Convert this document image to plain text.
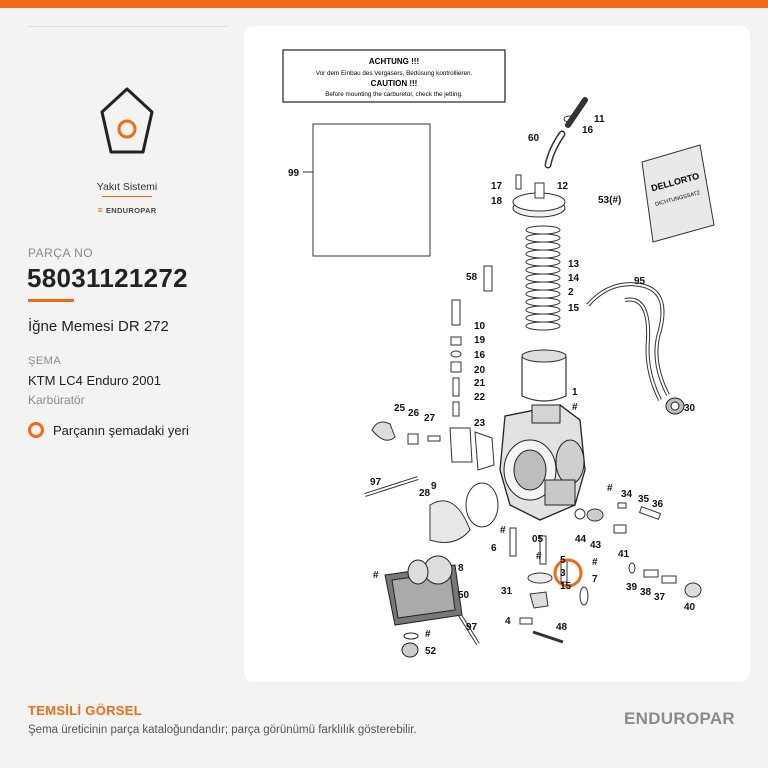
Yakıt Sistemi
≡ ENDUROPAR
PARÇA NO
58031121272
İğne Memesi DR 272
ŞEMA
KTM LC4 Enduro 2001
Karbüratör
Parçanın şemadaki yeri
ACHTUNG !!!
Vor dem Einbau des Vergasers, Bedüsung kontrollieren.
CAUTION !!!
Before mounting the carburetor, check the jetting.
DELLORTO
DICHTUNGSSATZ
11
16
60
12
17
18	53(#)
99
13
14
2
15
58	95
10
19
16
20
21
22	1
#	30
25 26 27	23
97	9
28	34 35 36
#
#
05	44
6	43
41
# 5
3
7
15
#
39 38 37
40
8
#
50	31
4
48
97
#
52
TEMSİLİ GÖRSEL
Şema üreticinin parça kataloğundandır; parça görünümü farklılık gösterebilir.
ENDUROPAR
